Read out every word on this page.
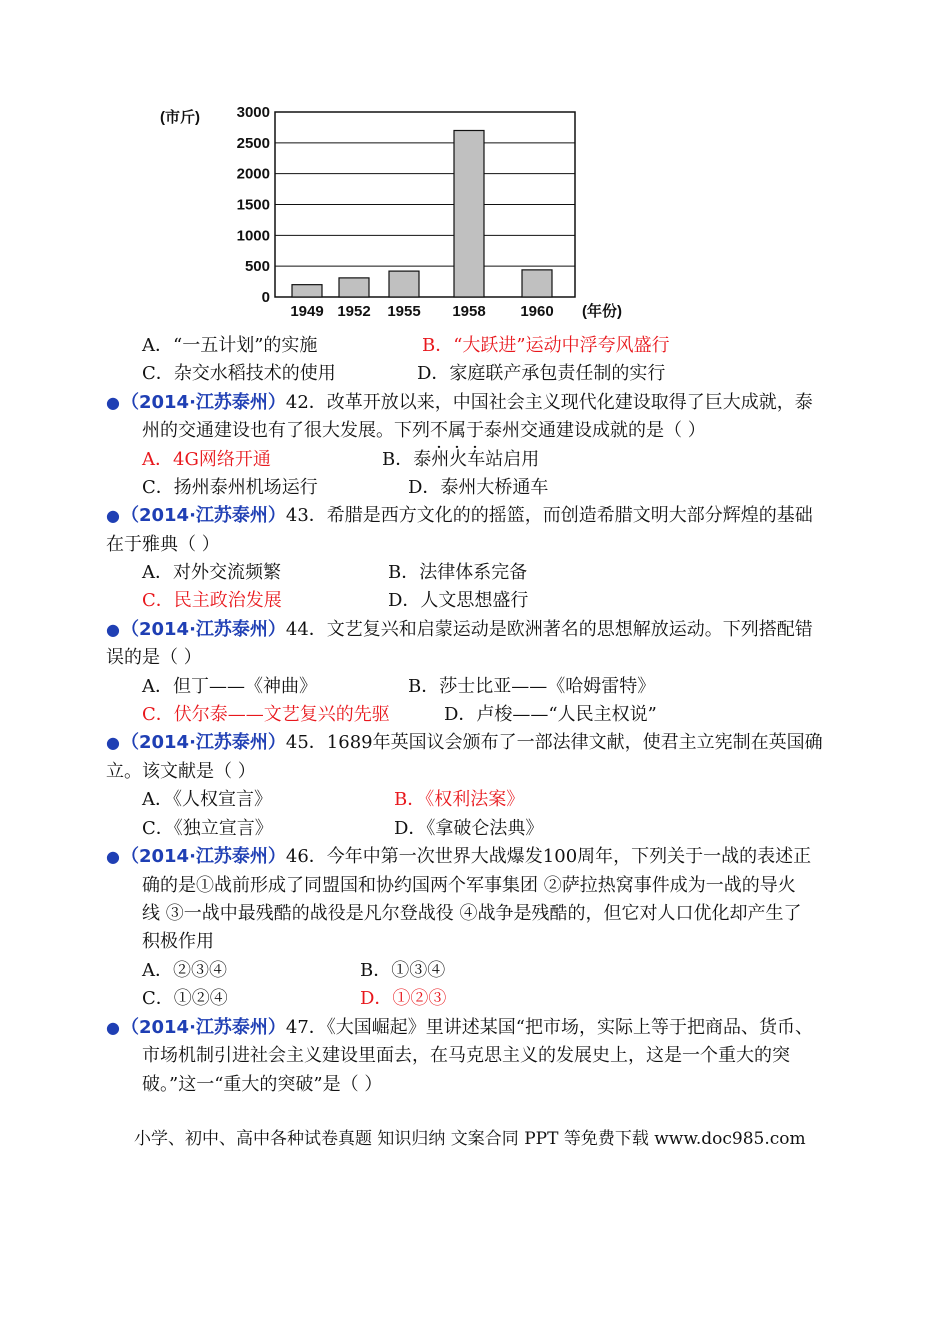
(市斤)
(年份)
3000
2500
2000
1500
1000
500
0
1949 1952 1955 1958 1960
A．“一五计划”的实施	B．“大跃进”运动中浮夸风盛行
C．杂交水稻技术的使用	D．家庭联产承包责任制的实行
●（2014·江苏泰州）42．改革开放以来，中国社会主义现代化建设取得了巨大成就，泰
州的交通建设也有了很大发展。下列不属于泰州交通建设成就的是（ ）
A．4G网络开通	B．泰州火车站启用
C．扬州泰州机场运行	D．泰州大桥通车
●（2014·江苏泰州）43．希腊是西方文化的的摇篮，而创造希腊文明大部分辉煌的基础
在于雅典（ ）
A．对外交流频繁	B．法律体系完备
C．民主政治发展	D．人文思想盛行
●（2014·江苏泰州）44．文艺复兴和启蒙运动是欧洲著名的思想解放运动。下列搭配错
误的是（ ）
A．但丁——《神曲》	B．莎士比亚——《哈姆雷特》
C．伏尔泰——文艺复兴的先驱	D．卢梭——“人民主权说”
●（2014·江苏泰州）45．1689年英国议会颁布了一部法律文献，使君主立宪制在英国确
立。该文献是（ ）
A．《人权宣言》	B．《权利法案》
C．《独立宣言》	D．《拿破仑法典》
●（2014·江苏泰州）46．今年中第一次世界大战爆发100周年，下列关于一战的表述正
确的是①战前形成了同盟国和协约国两个军事集团 ②萨拉热窝事件成为一战的导火
线 ③一战中最残酷的战役是凡尔登战役 ④战争是残酷的，但它对人口优化却产生了
积极作用
A．②③④	B．①③④
C．①②④	D．①②③
●（2014·江苏泰州）47．《大国崛起》里讲述某国“把市场，实际上等于把商品、货币、
市场机制引进社会主义建设里面去，在马克思主义的发展史上，这是一个重大的突
破。”这一“重大的突破”是（ ）
小学、初中、高中各种试卷真题 知识归纳 文案合同 PPT 等免费下载 www.doc985.com
